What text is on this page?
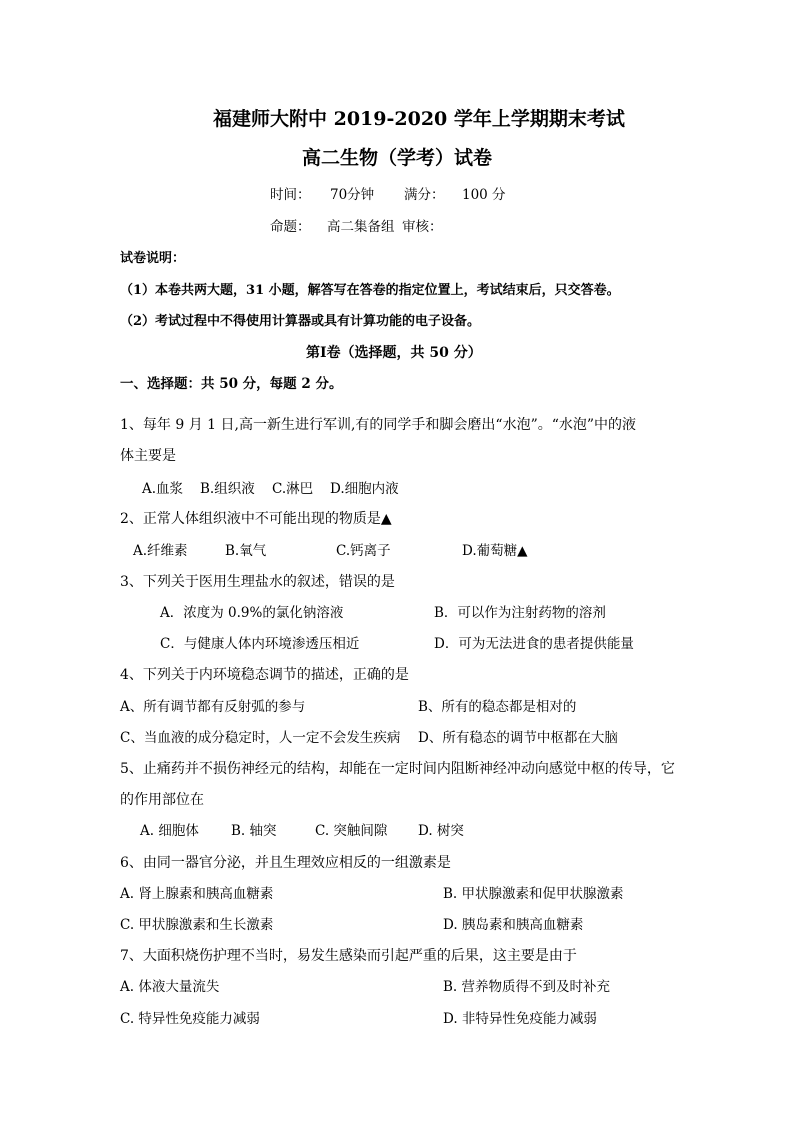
福建师大附中 2019-2020 学年上学期期末考试
高二生物（学考）试卷
时间： 70分钟 满分： 100 分
命题： 高二集备组 审核：
试卷说明：
（1）本卷共两大题，31 小题，解答写在答卷的指定位置上，考试结束后，只交答卷。
（2）考试过程中不得使用计算器或具有计算功能的电子设备。
第Ⅰ卷（选择题，共 50 分）
一、选择题：共 50 分，每题 2 分。
1、每年 9 月 1 日,高一新生进行军训,有的同学手和脚会磨出“水泡”。“水泡”中的液
体主要是
A.血浆 B.组织液 C.淋巴 D.细胞内液
2、正常人体组织液中不可能出现的物质是▲
A.纤维素	B.氧气	C.钙离子	D.葡萄糖▲
3、下列关于医用生理盐水的叙述，错误的是
A．浓度为 0.9%的氯化钠溶液	B．可以作为注射药物的溶剂
C．与健康人体内环境渗透压相近	D．可为无法进食的患者提供能量
4、下列关于内环境稳态调节的描述，正确的是
A、所有调节都有反射弧的参与	B、所有的稳态都是相对的
C、当血液的成分稳定时，人一定不会发生疾病 D、所有稳态的调节中枢都在大脑
5、止痛药并不损伤神经元的结构，却能在一定时间内阻断神经冲动向感觉中枢的传导，它
的作用部位在
A. 细胞体 B. 轴突	C. 突触间隙 D. 树突
6、由同一器官分泌，并且生理效应相反的一组激素是
A. 肾上腺素和胰高血糖素	B. 甲状腺激素和促甲状腺激素
C. 甲状腺激素和生长激素	D. 胰岛素和胰高血糖素
7、大面积烧伤护理不当时，易发生感染而引起严重的后果，这主要是由于
A. 体液大量流失	B. 营养物质得不到及时补充
C. 特异性免疫能力减弱	D. 非特异性免疫能力减弱
